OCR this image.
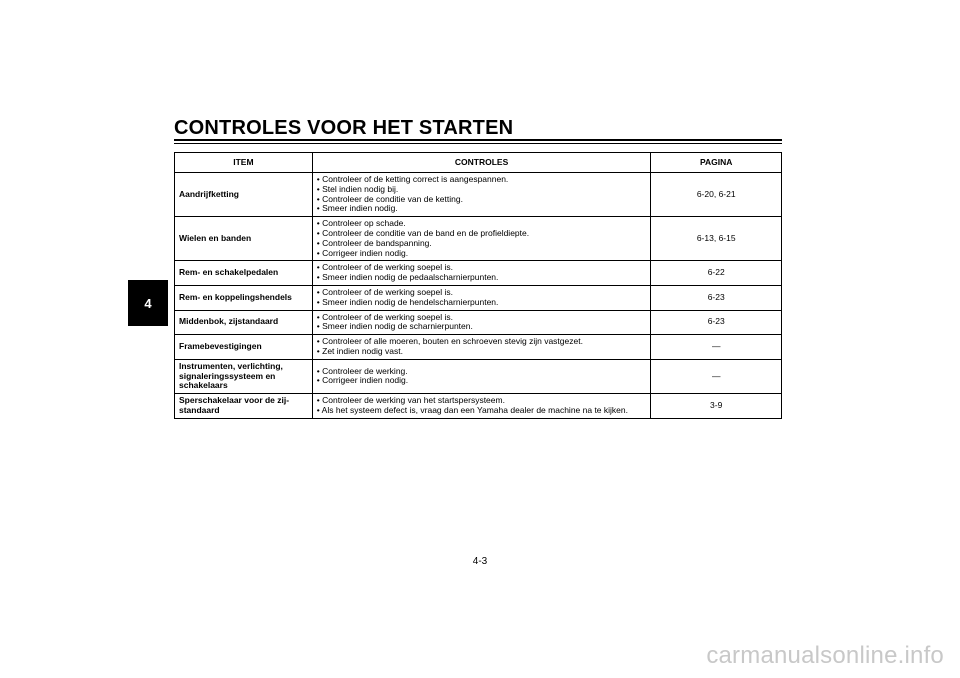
CONTROLES VOOR HET STARTEN
4
ITEM	CONTROLES	PAGINA
Aandrijfketting	• Controleer of de ketting correct is aangespannen.
• Stel indien nodig bij.
• Controleer de conditie van de ketting.
• Smeer indien nodig.	6-20, 6-21
Wielen en banden	• Controleer op schade.
• Controleer de conditie van de band en de profieldiepte.
• Controleer de bandspanning.
• Corrigeer indien nodig.	6-13, 6-15
Rem- en schakelpedalen	• Controleer of de werking soepel is.
• Smeer indien nodig de pedaalscharnierpunten.	6-22
Rem- en koppelingshendels	• Controleer of de werking soepel is.
• Smeer indien nodig de hendelscharnierpunten.	6-23
Middenbok, zijstandaard	• Controleer of de werking soepel is.
• Smeer indien nodig de scharnierpunten.	6-23
Framebevestigingen	• Controleer of alle moeren, bouten en schroeven stevig zijn vastgezet.
• Zet indien nodig vast.	—
Instrumenten, verlichting, signaleringssysteem en schakelaars	• Controleer de werking.
• Corrigeer indien nodig.	—
Sperschakelaar voor de zij-standaard	• Controleer de werking van het startspersysteem.
• Als het systeem defect is, vraag dan een Yamaha dealer de machine na te kijken.	3-9
4-3
carmanualsonline.info
